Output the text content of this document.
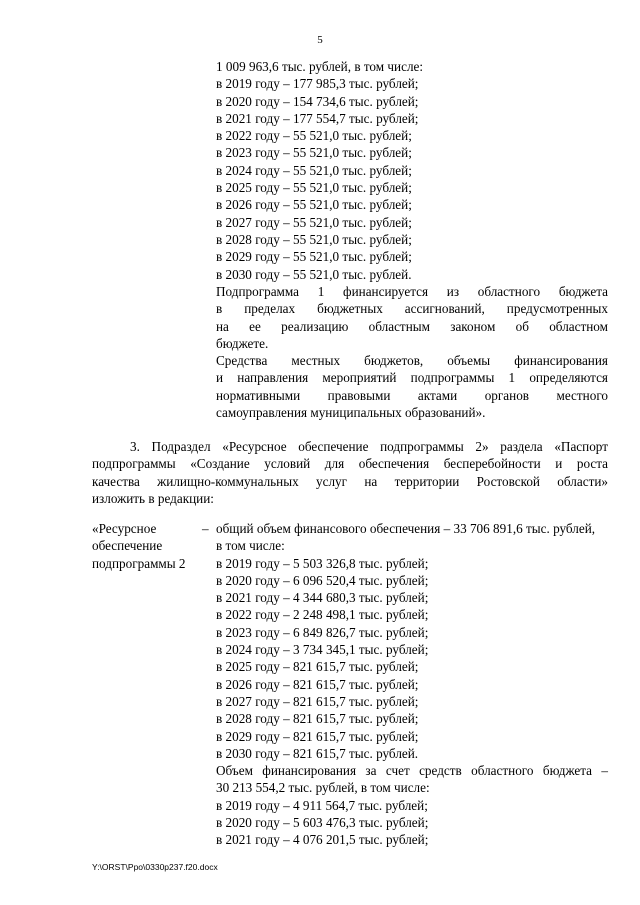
5
1 009 963,6 тыс. рублей, в том числе:
в 2019 году – 177 985,3 тыс. рублей;
в 2020 году – 154 734,6 тыс. рублей;
в 2021 году – 177 554,7 тыс. рублей;
в 2022 году – 55 521,0 тыс. рублей;
в 2023 году – 55 521,0 тыс. рублей;
в 2024 году – 55 521,0 тыс. рублей;
в 2025 году – 55 521,0 тыс. рублей;
в 2026 году – 55 521,0 тыс. рублей;
в 2027 году – 55 521,0 тыс. рублей;
в 2028 году – 55 521,0 тыс. рублей;
в 2029 году – 55 521,0 тыс. рублей;
в 2030 году – 55 521,0 тыс. рублей.
Подпрограмма 1 финансируется из областного бюджета
в пределах бюджетных ассигнований, предусмотренных
на ее реализацию областным законом об областном
бюджете.
Средства местных бюджетов, объемы финансирования
и направления мероприятий подпрограммы 1 определяются
нормативными правовыми актами органов местного
самоуправления муниципальных образований».
3. Подраздел «Ресурсное обеспечение подпрограммы 2» раздела «Паспорт
подпрограммы «Создание условий для обеспечения бесперебойности и роста
качества жилищно-коммунальных услуг на территории Ростовской области»
изложить в редакции:
«Ресурсное
обеспечение
подпрограммы 2
– общий объем финансового обеспечения – 33 706 891,6 тыс. рублей,
в том числе:
в 2019 году – 5 503 326,8 тыс. рублей;
в 2020 году – 6 096 520,4 тыс. рублей;
в 2021 году – 4 344 680,3 тыс. рублей;
в 2022 году – 2 248 498,1 тыс. рублей;
в 2023 году – 6 849 826,7 тыс. рублей;
в 2024 году – 3 734 345,1 тыс. рублей;
в 2025 году – 821 615,7 тыс. рублей;
в 2026 году – 821 615,7 тыс. рублей;
в 2027 году – 821 615,7 тыс. рублей;
в 2028 году – 821 615,7 тыс. рублей;
в 2029 году – 821 615,7 тыс. рублей;
в 2030 году – 821 615,7 тыс. рублей.
Объем финансирования за счет средств областного бюджета –
30 213 554,2 тыс. рублей, в том числе:
в 2019 году – 4 911 564,7 тыс. рублей;
в 2020 году – 5 603 476,3 тыс. рублей;
в 2021 году – 4 076 201,5 тыс. рублей;
Y:\ORST\Ppo\0330p237.f20.docx
